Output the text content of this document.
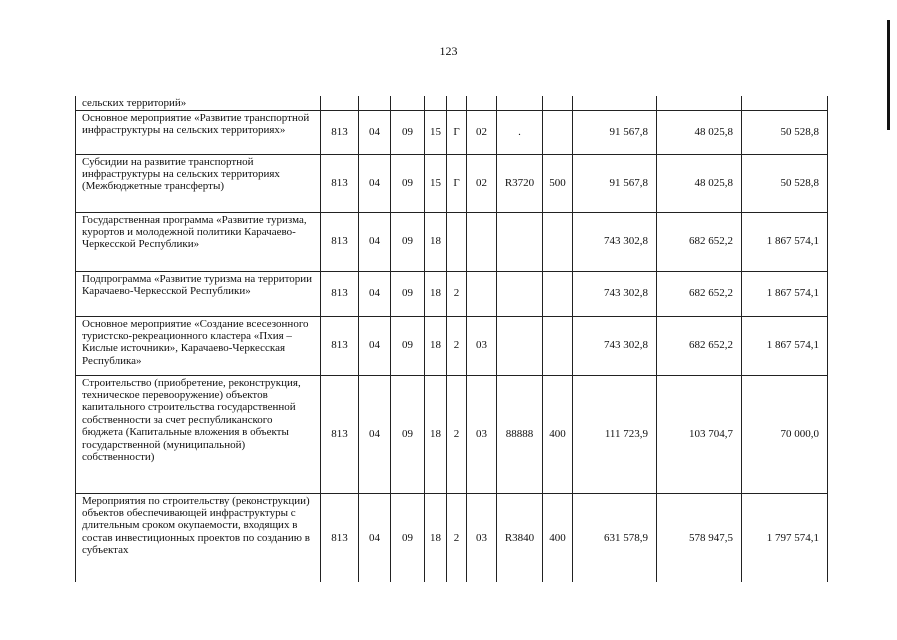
123
сельских территорий»											
Основное мероприятие «Развитие транспортной инфраструктуры на сельских территориях»	813	04	09	15	Г	02	.		91 567,8	48 025,8	50 528,8
Субсидии на развитие транспортной инфраструктуры на сельских территориях (Межбюджетные трансферты)	813	04	09	15	Г	02	R3720	500	91 567,8	48 025,8	50 528,8
Государственная программа «Развитие туризма, курортов и молодежной политики Карачаево-Черкесской Республики»	813	04	09	18					743 302,8	682 652,2	1 867 574,1
Подпрограмма «Развитие туризма на территории Карачаево-Черкесской Республики»	813	04	09	18	2				743 302,8	682 652,2	1 867 574,1
Основное мероприятие «Создание всесезонного туристско-рекреационного кластера «Пхия – Кислые источники», Карачаево-Черкесская Республика»	813	04	09	18	2	03			743 302,8	682 652,2	1 867 574,1
Строительство (приобретение, реконструкция, техническое перевооружение) объектов капитального строительства государственной собственности за счет республиканского бюджета (Капитальные вложения в объекты государственной (муниципальной) собственности)	813	04	09	18	2	03	88888	400	111 723,9	103 704,7	70 000,0
Мероприятия по строительству (реконструкции) объектов обеспечивающей инфраструктуры с длительным сроком окупаемости, входящих в состав инвестиционных проектов по созданию в субъектах	813	04	09	18	2	03	R3840	400	631 578,9	578 947,5	1 797 574,1
